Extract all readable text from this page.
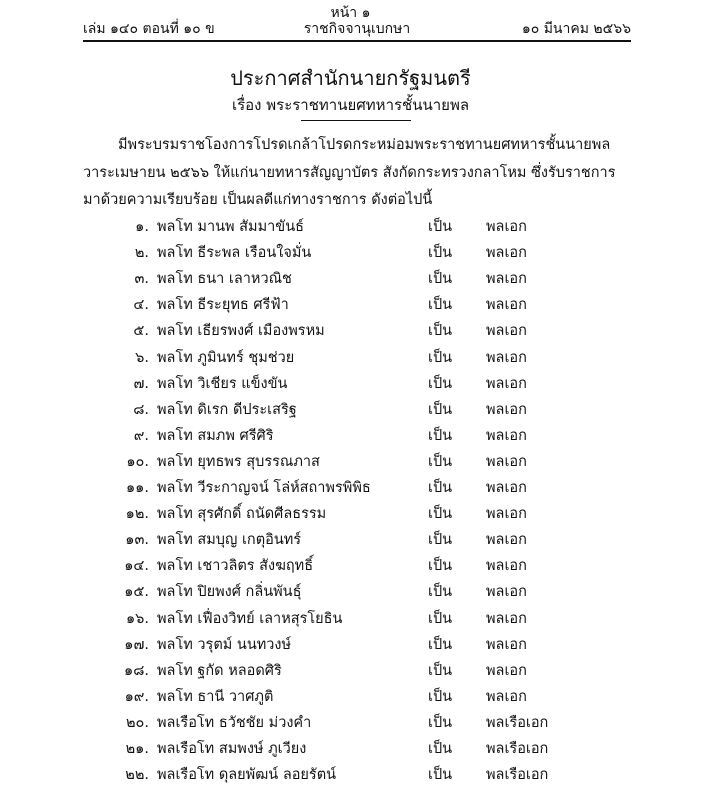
หน้า ๑
เล่ม ๑๔๐ ตอนที่ ๑๐ ข	ราชกิจจานุเบกษา	๑๐ มีนาคม ๒๕๖๖
ประกาศสำนักนายกรัฐมนตรี
เรื่อง พระราชทานยศทหารชั้นนายพล
มีพระบรมราชโองการโปรดเกล้าโปรดกระหม่อมพระราชทานยศทหารชั้นนายพล
วาระเมษายน ๒๕๖๖ ให้แก่นายทหารสัญญาบัตร สังกัดกระทรวงกลาโหม ซึ่งรับราชการ
มาด้วยความเรียบร้อย เป็นผลดีแก่ทางราชการ ดังต่อไปนี้
๑. พลโท มานพ สัมมาขันธ์	เป็น พลเอก
๒. พลโท ธีระพล เรือนใจมั่น	เป็น พลเอก
๓. พลโท ธนา เลาหวณิช	เป็น พลเอก
๔. พลโท ธีระยุทธ ศรีฟ้า	เป็น พลเอก
๕. พลโท เธียรพงศ์ เมืองพรหม	เป็น พลเอก
๖. พลโท ภูมินทร์ ชุมช่วย	เป็น พลเอก
๗. พลโท วิเชียร แข็งขัน	เป็น พลเอก
๘. พลโท ดิเรก ดีประเสริฐ	เป็น พลเอก
๙. พลโท สมภพ ศรีศิริ	เป็น พลเอก
๑๐. พลโท ยุทธพร สุบรรณภาส	เป็น พลเอก
๑๑. พลโท วีระกาญจน์ โล่ห์สถาพรพิพิธ	เป็น พลเอก
๑๒. พลโท สุรศักดิ์ ถนัดศีลธรรม	เป็น พลเอก
๑๓. พลโท สมบุญ เกตุอินทร์	เป็น พลเอก
๑๔. พลโท เชาวลิตร สังฆฤทธิ์	เป็น พลเอก
๑๕. พลโท ปิยพงศ์ กลิ่นพันธุ์	เป็น พลเอก
๑๖. พลโท เฟื่องวิทย์ เลาหสุรโยธิน	เป็น พลเอก
๑๗. พลโท วรุตม์ นนทวงษ์	เป็น พลเอก
๑๘. พลโท ฐกัด หลอดศิริ	เป็น พลเอก
๑๙. พลโท ธานี วาศภูติ	เป็น พลเอก
๒๐. พลเรือโท ธวัชชัย ม่วงคำ	เป็น พลเรือเอก
๒๑. พลเรือโท สมพงษ์ ภูเวียง	เป็น พลเรือเอก
๒๒. พลเรือโท ดุลยพัฒน์ ลอยรัตน์	เป็น พลเรือเอก
